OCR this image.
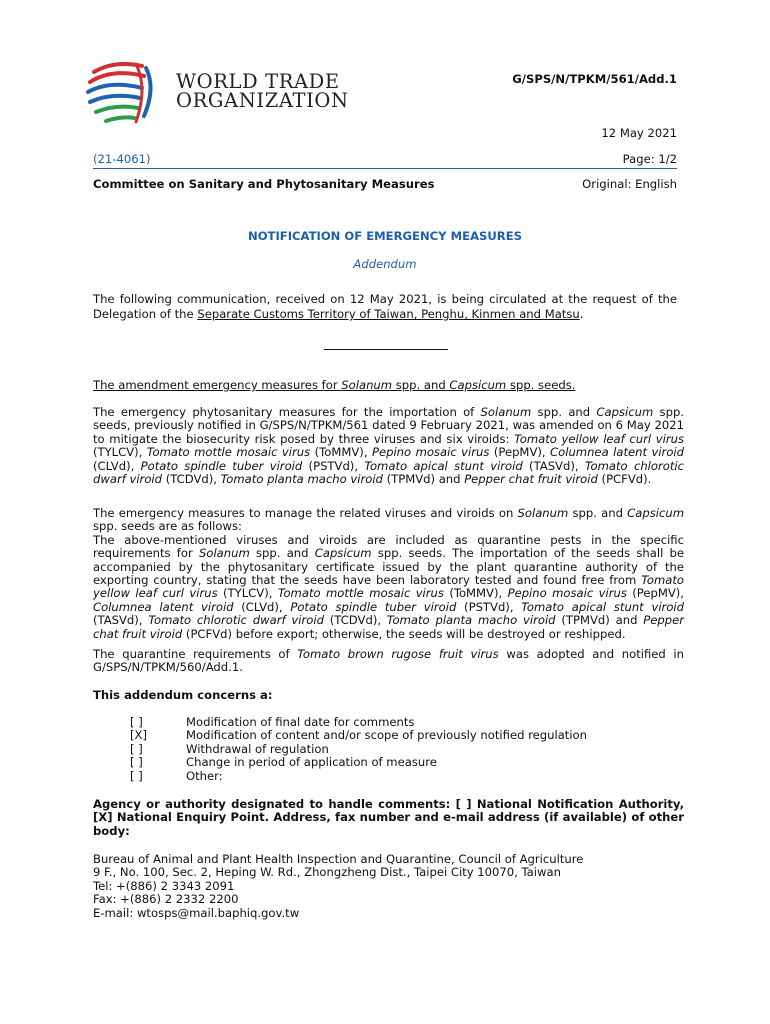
WORLD TRADE
ORGANIZATION
G/SPS/N/TPKM/561/Add.1
12 May 2021
(21-4061)	Page: 1/2
Committee on Sanitary and Phytosanitary Measures	Original: English
NOTIFICATION OF EMERGENCY MEASURES
Addendum
The following communication, received on 12 May 2021, is being circulated at the request of the Delegation of the Separate Customs Territory of Taiwan, Penghu, Kinmen and Matsu.
The amendment emergency measures for Solanum spp. and Capsicum spp. seeds.
The emergency phytosanitary measures for the importation of Solanum spp. and Capsicum spp. seeds, previously notified in G/SPS/N/TPKM/561 dated 9 February 2021, was amended on 6 May 2021 to mitigate the biosecurity risk posed by three viruses and six viroids: Tomato yellow leaf curl virus (TYLCV), Tomato mottle mosaic virus (ToMMV), Pepino mosaic virus (PepMV), Columnea latent viroid (CLVd), Potato spindle tuber viroid (PSTVd), Tomato apical stunt viroid (TASVd), Tomato chlorotic dwarf viroid (TCDVd), Tomato planta macho viroid (TPMVd) and Pepper chat fruit viroid (PCFVd).
The emergency measures to manage the related viruses and viroids on Solanum spp. and Capsicum spp. seeds are as follows:
The above-mentioned viruses and viroids are included as quarantine pests in the specific requirements for Solanum spp. and Capsicum spp. seeds. The importation of the seeds shall be accompanied by the phytosanitary certificate issued by the plant quarantine authority of the exporting country, stating that the seeds have been laboratory tested and found free from Tomato yellow leaf curl virus (TYLCV), Tomato mottle mosaic virus (ToMMV), Pepino mosaic virus (PepMV), Columnea latent viroid (CLVd), Potato spindle tuber viroid (PSTVd), Tomato apical stunt viroid (TASVd), Tomato chlorotic dwarf viroid (TCDVd), Tomato planta macho viroid (TPMVd) and Pepper chat fruit viroid (PCFVd) before export; otherwise, the seeds will be destroyed or reshipped.
The quarantine requirements of Tomato brown rugose fruit virus was adopted and notified in G/SPS/N/TPKM/560/Add.1.
This addendum concerns a:
[ ]	Modification of final date for comments
[X]	Modification of content and/or scope of previously notified regulation
[ ]	Withdrawal of regulation
[ ]	Change in period of application of measure
[ ]	Other:
Agency or authority designated to handle comments: [ ] National Notification Authority, [X] National Enquiry Point. Address, fax number and e-mail address (if available) of other body:
Bureau of Animal and Plant Health Inspection and Quarantine, Council of Agriculture
9 F., No. 100, Sec. 2, Heping W. Rd., Zhongzheng Dist., Taipei City 10070, Taiwan
Tel: +(886) 2 3343 2091
Fax: +(886) 2 2332 2200
E-mail: wtosps@mail.baphiq.gov.tw
